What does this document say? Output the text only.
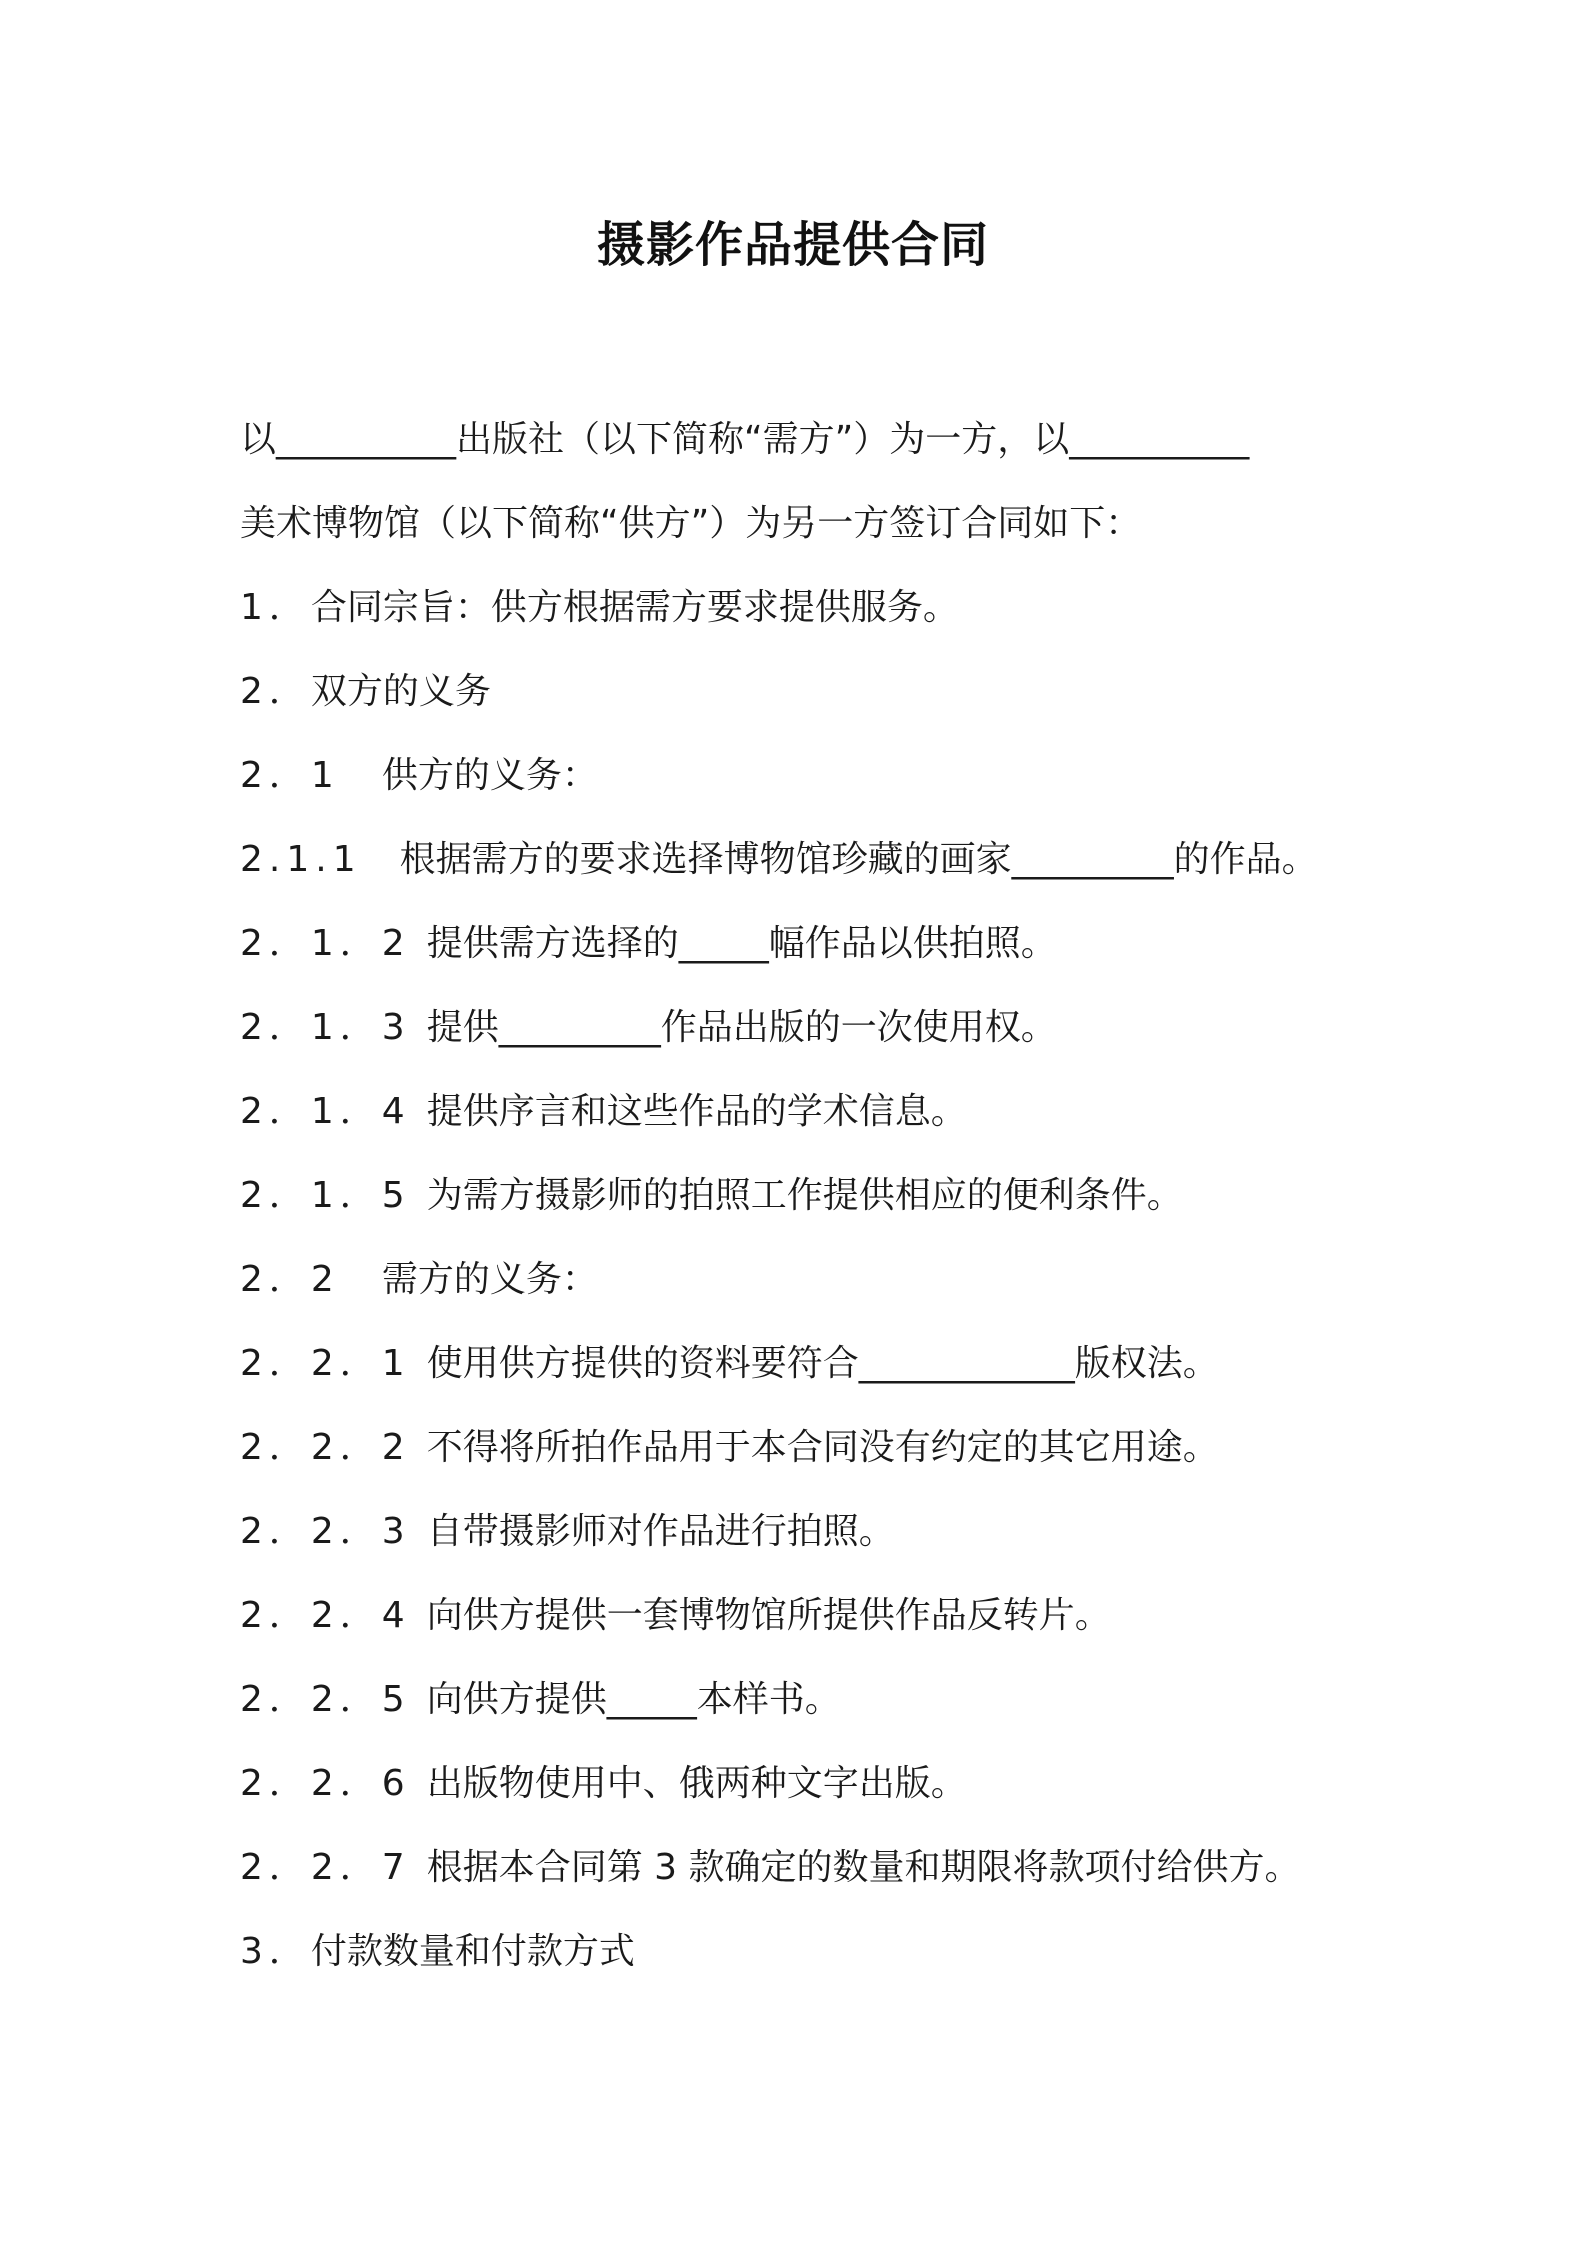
摄影作品提供合同
以__________出版社（以下简称“需方”）为一方，以__________
美术博物馆（以下简称“供方”）为另一方签订合同如下：
1．合同宗旨：供方根据需方要求提供服务。
2．双方的义务
2．1 供方的义务：
2.1.1 根据需方的要求选择博物馆珍藏的画家_________的作品。
2．1．2 提供需方选择的_____幅作品以供拍照。
2．1．3 提供_________作品出版的一次使用权。
2．1．4 提供序言和这些作品的学术信息。
2．1．5 为需方摄影师的拍照工作提供相应的便利条件。
2．2 需方的义务：
2．2．1 使用供方提供的资料要符合____________版权法。
2．2．2 不得将所拍作品用于本合同没有约定的其它用途。
2．2．3 自带摄影师对作品进行拍照。
2．2．4 向供方提供一套博物馆所提供作品反转片。
2．2．5 向供方提供_____本样书。
2．2．6 出版物使用中、俄两种文字出版。
2．2．7 根据本合同第 3 款确定的数量和期限将款项付给供方。
3．付款数量和付款方式
